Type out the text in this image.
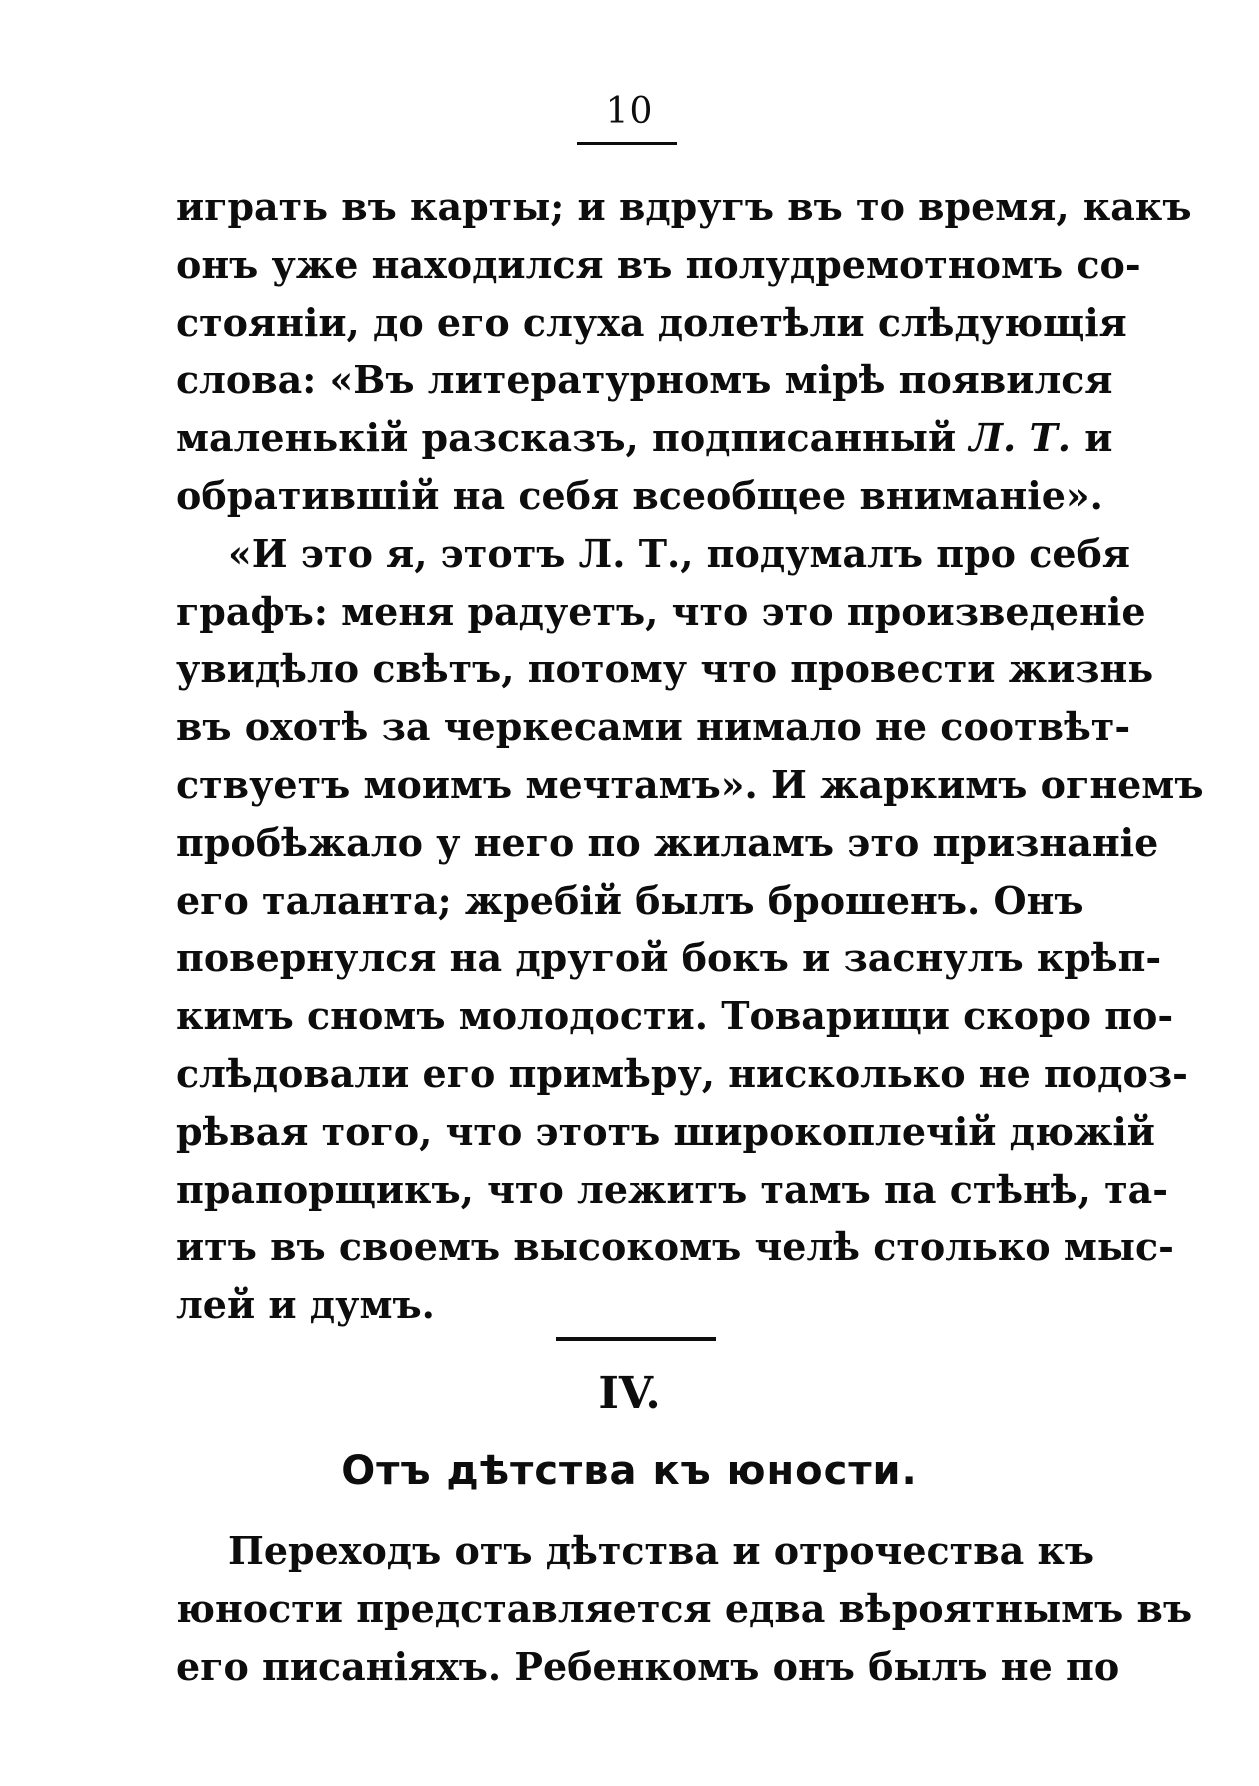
10
играть въ карты; и вдругъ въ то время, какъ
онъ уже находился въ полудремотномъ со-
стоянiи, до его слуха долетѣли слѣдующiя
слова: «Въ литературномъ мiрѣ появился
маленькiй разсказъ, подписанный Л. Т. и
обратившiй на себя всеобщее вниманiе».
«И это я, этотъ Л. Т., подумалъ про себя
графъ: меня радуетъ, что это произведенiе
увидѣло свѣтъ, потому что провести жизнь
въ охотѣ за черкесами нимало не соотвѣт-
ствуетъ моимъ мечтамъ». И жаркимъ огнемъ
пробѣжало у него по жиламъ это признанiе
его таланта; жребiй былъ брошенъ. Онъ
повернулся на другой бокъ и заснулъ крѣп-
кимъ сномъ молодости. Товарищи скоро по-
слѣдовали его примѣру, нисколько не подоз-
рѣвая того, что этотъ широкоплечiй дюжiй
прапорщикъ, что лежитъ тамъ па стѣнѣ, та-
итъ въ своемъ высокомъ челѣ столько мыс-
лей и думъ.
IV.
Отъ дѣтства къ юности.
Переходъ отъ дѣтства и отрочества къ
юности представляется едва вѣроятнымъ въ
его писанiяхъ. Ребенкомъ онъ былъ не по
